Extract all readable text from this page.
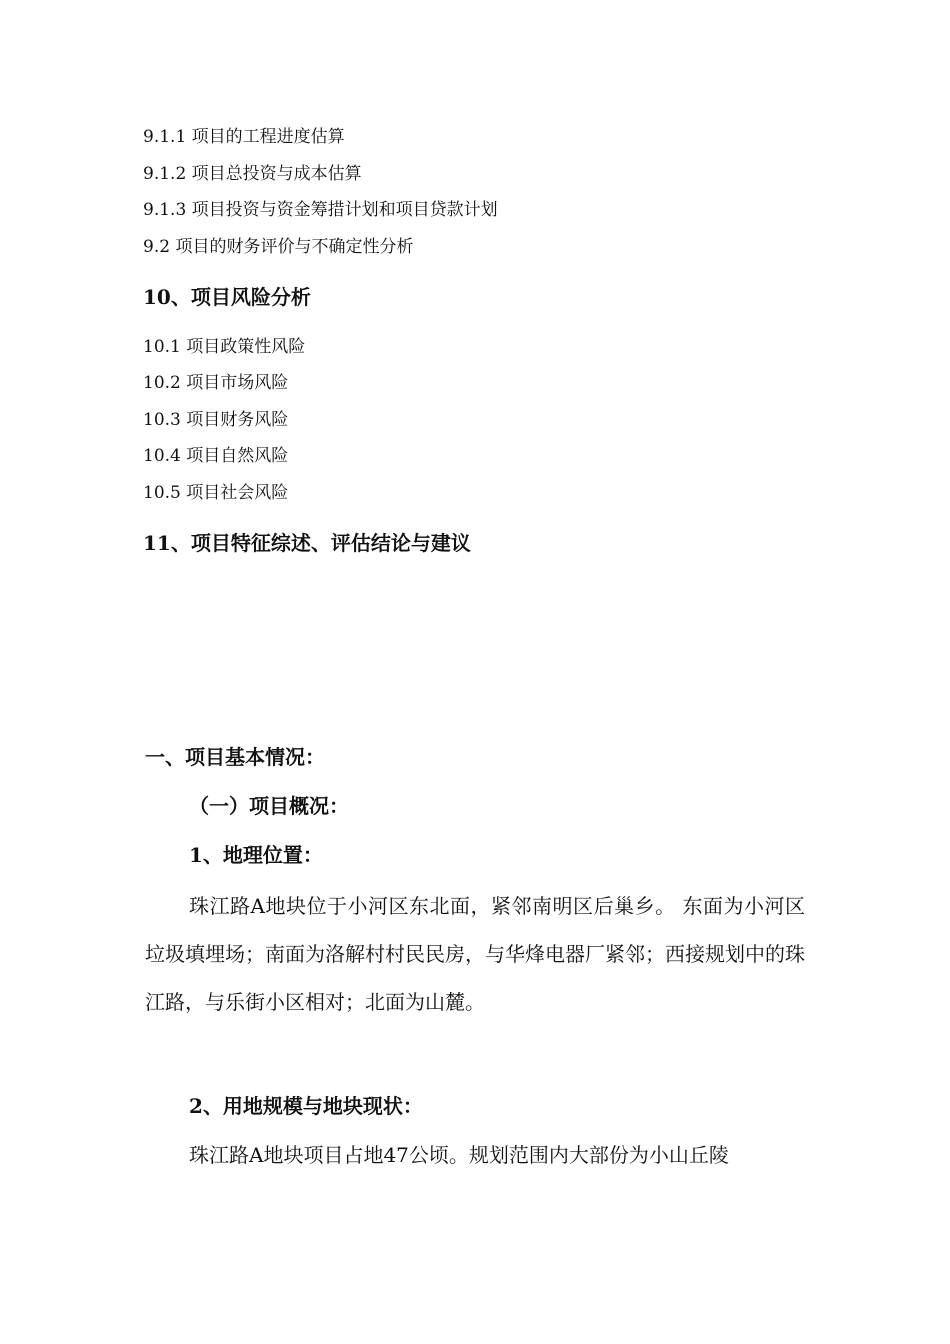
9.1.1 项目的工程进度估算
9.1.2 项目总投资与成本估算
9.1.3 项目投资与资金筹措计划和项目贷款计划
9.2 项目的财务评价与不确定性分析
10、项目风险分析
10.1 项目政策性风险
10.2 项目市场风险
10.3 项目财务风险
10.4 项目自然风险
10.5 项目社会风险
11、项目特征综述、评估结论与建议
一、项目基本情况：
（一）项目概况：
1、地理位置：
珠江路A地块位于小河区东北面，紧邻南明区后巢乡。 东面为小河区垃圾填埋场；南面为洛解村村民民房，与华烽电器厂紧邻；西接规划中的珠江路，与乐街小区相对；北面为山麓。
2、用地规模与地块现状：
珠江路A地块项目占地47公顷。规划范围内大部份为小山丘陵
